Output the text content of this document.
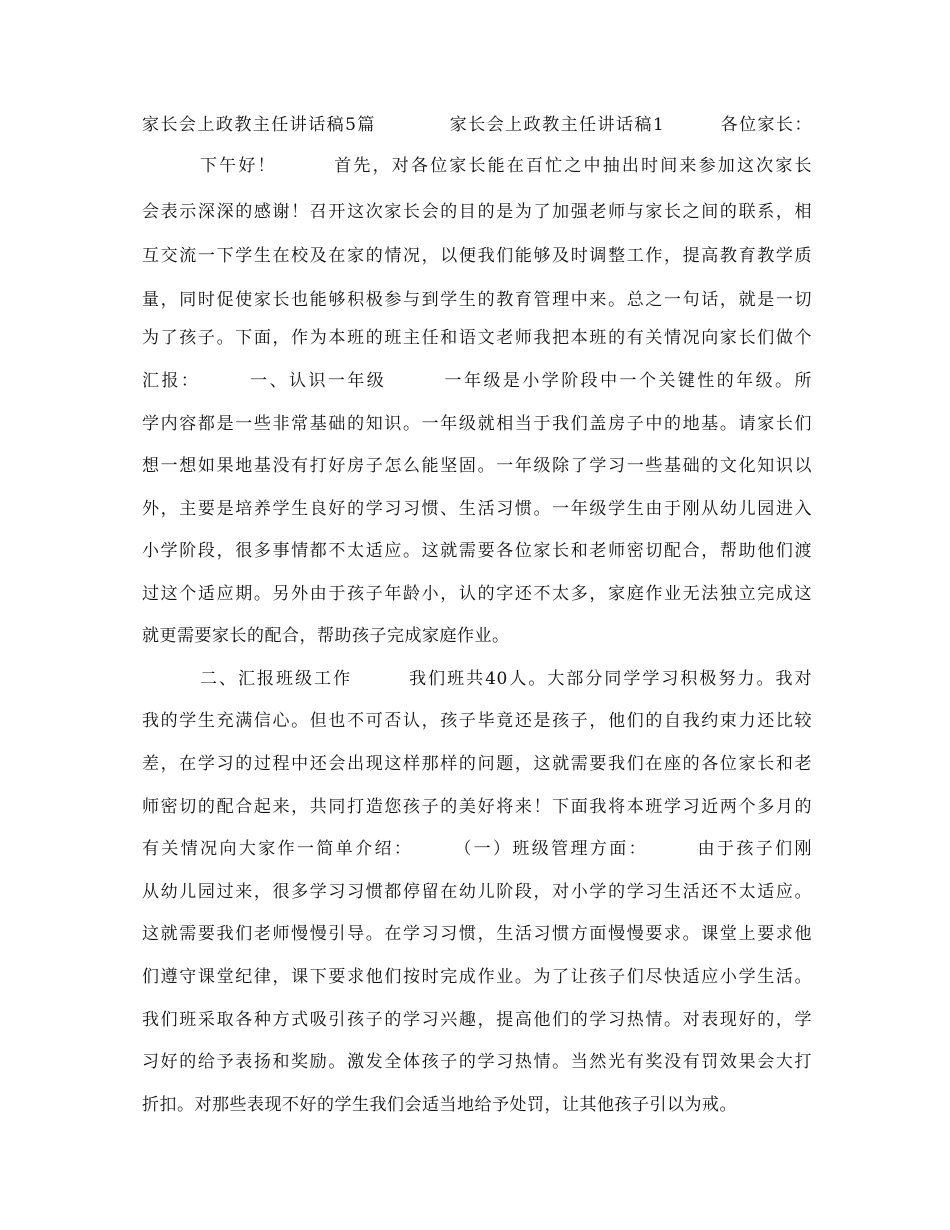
家长会上政教主任讲话稿5篇　　　　家长会上政教主任讲话稿1　　　各位家长：
下午好！　　　首先，对各位家长能在百忙之中抽出时间来参加这次家长
会表示深深的感谢！召开这次家长会的目的是为了加强老师与家长之间的联系，相
互交流一下学生在校及在家的情况，以便我们能够及时调整工作，提高教育教学质
量，同时促使家长也能够积极参与到学生的教育管理中来。总之一句话，就是一切
为了孩子。下面，作为本班的班主任和语文老师我把本班的有关情况向家长们做个
汇报：　　　一、认识一年级　　　一年级是小学阶段中一个关键性的年级。所
学内容都是一些非常基础的知识。一年级就相当于我们盖房子中的地基。请家长们
想一想如果地基没有打好房子怎么能坚固。一年级除了学习一些基础的文化知识以
外，主要是培养学生良好的学习习惯、生活习惯。一年级学生由于刚从幼儿园进入
小学阶段，很多事情都不太适应。这就需要各位家长和老师密切配合，帮助他们渡
过这个适应期。另外由于孩子年龄小，认的字还不太多，家庭作业无法独立完成这
就更需要家长的配合，帮助孩子完成家庭作业。
二、汇报班级工作　　　我们班共40人。大部分同学学习积极努力。我对
我的学生充满信心。但也不可否认，孩子毕竟还是孩子，他们的自我约束力还比较
差，在学习的过程中还会出现这样那样的问题，这就需要我们在座的各位家长和老
师密切的配合起来，共同打造您孩子的美好将来！下面我将本班学习近两个多月的
有关情况向大家作一简单介绍：　　　（一）班级管理方面：　　　由于孩子们刚
从幼儿园过来，很多学习习惯都停留在幼儿阶段，对小学的学习生活还不太适应。
这就需要我们老师慢慢引导。在学习习惯，生活习惯方面慢慢要求。课堂上要求他
们遵守课堂纪律，课下要求他们按时完成作业。为了让孩子们尽快适应小学生活。
我们班采取各种方式吸引孩子的学习兴趣，提高他们的学习热情。对表现好的，学
习好的给予表扬和奖励。激发全体孩子的学习热情。当然光有奖没有罚效果会大打
折扣。对那些表现不好的学生我们会适当地给予处罚，让其他孩子引以为戒。
